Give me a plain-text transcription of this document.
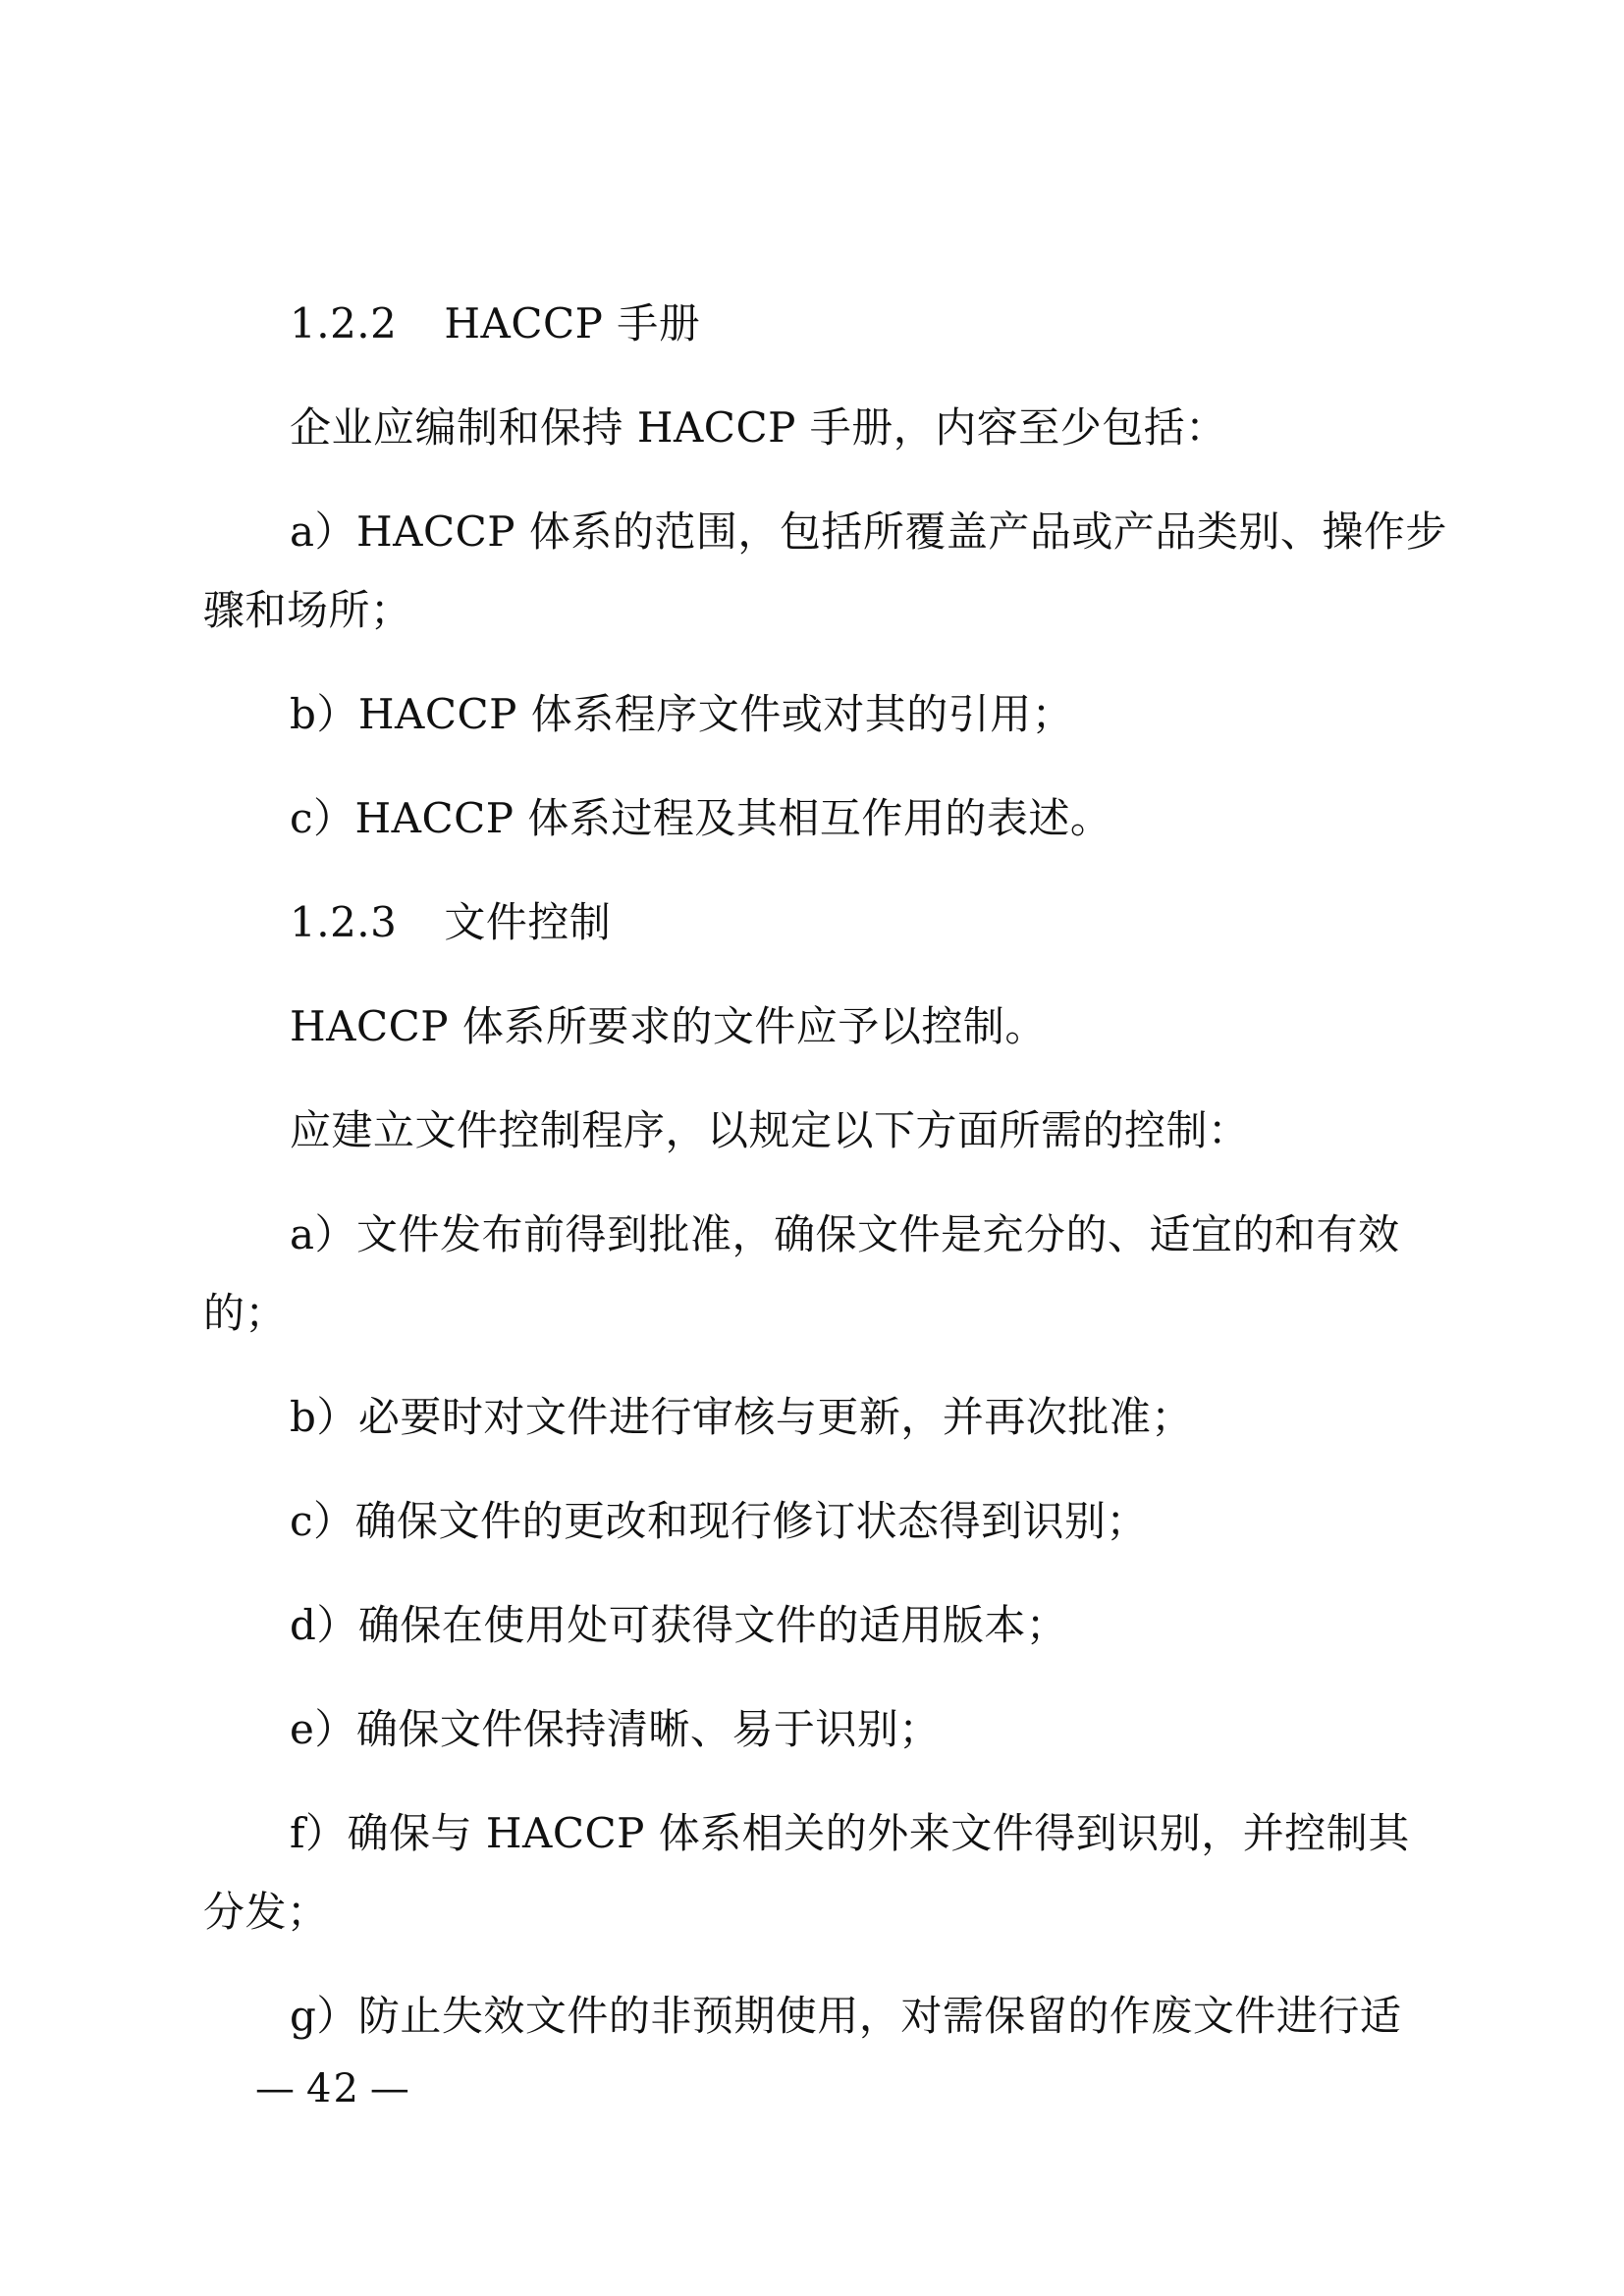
1.2.2 HACCP 手册
企业应编制和保持 HACCP 手册，内容至少包括：
a）HACCP 体系的范围，包括所覆盖产品或产品类别、操作步
骤和场所；
b）HACCP 体系程序文件或对其的引用；
c）HACCP 体系过程及其相互作用的表述。
1.2.3 文件控制
HACCP 体系所要求的文件应予以控制。
应建立文件控制程序，以规定以下方面所需的控制：
a）文件发布前得到批准，确保文件是充分的、适宜的和有效
的；
b）必要时对文件进行审核与更新，并再次批准；
c）确保文件的更改和现行修订状态得到识别；
d）确保在使用处可获得文件的适用版本；
e）确保文件保持清晰、易于识别；
f）确保与 HACCP 体系相关的外来文件得到识别，并控制其
分发；
g）防止失效文件的非预期使用，对需保留的作废文件进行适
— 42 —
